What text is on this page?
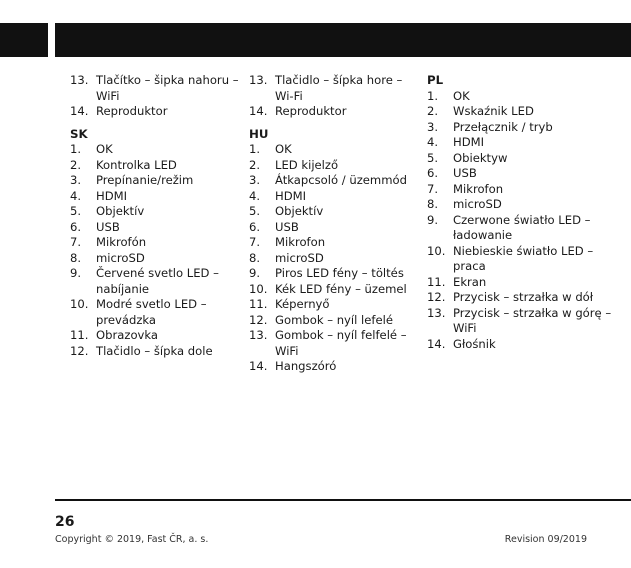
13. Tlačítko – šipka nahoru – WiFi
14. Reproduktor
SK
1. OK
2. Kontrolka LED
3. Prepínanie/režim
4. HDMI
5. Objektív
6. USB
7. Mikrofón
8. microSD
9. Červené svetlo LED – nabíjanie
10. Modré svetlo LED – prevádzka
11. Obrazovka
12. Tlačidlo – šípka dole
13. Tlačidlo – šípka hore – Wi-Fi
14. Reproduktor
HU
1. OK
2. LED kijelző
3. Átkapcsoló / üzemmód
4. HDMI
5. Objektív
6. USB
7. Mikrofon
8. microSD
9. Piros LED fény – töltés
10. Kék LED fény – üzemel
11. Képernyő
12. Gombok – nyíl lefelé
13. Gombok – nyíl felfelé – WiFi
14. Hangszóró
PL
1. OK
2. Wskaźnik LED
3. Przełącznik / tryb
4. HDMI
5. Obiektyw
6. USB
7. Mikrofon
8. microSD
9. Czerwone światło LED – ładowanie
10. Niebieskie światło LED – praca
11. Ekran
12. Przycisk – strzałka w dół
13. Przycisk – strzałka w górę – WiFi
14. Głośnik
26
Copyright © 2019, Fast ČR, a. s.	Revision 09/2019
